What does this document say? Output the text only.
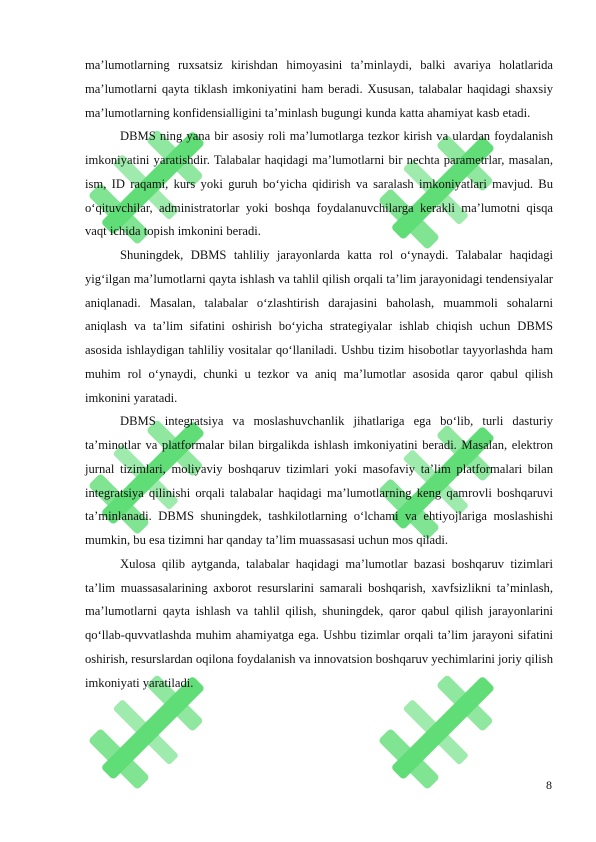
ma’lumotlarning ruxsatsiz kirishdan himoyasini ta’minlaydi, balki avariya holatlarida ma’lumotlarni qayta tiklash imkoniyatini ham beradi. Xususan, talabalar haqidagi shaxsiy ma’lumotlarning konfidensialligini ta’minlash bugungi kunda katta ahamiyat kasb etadi.

DBMS ning yana bir asosiy roli ma’lumotlarga tezkor kirish va ulardan foydalanish imkoniyatini yaratishdir. Talabalar haqidagi ma’lumotlarni bir nechta parametrlar, masalan, ism, ID raqami, kurs yoki guruh bo‘yicha qidirish va saralash imkoniyatlari mavjud. Bu o‘qituvchilar, administratorlar yoki boshqa foydalanuvchilarga kerakli ma’lumotni qisqa vaqt ichida topish imkonini beradi.

Shuningdek, DBMS tahliliy jarayonlarda katta rol o‘ynaydi. Talabalar haqidagi yig‘ilgan ma’lumotlarni qayta ishlash va tahlil qilish orqali ta’lim jarayonidagi tendensiyalar aniqlanadi. Masalan, talabalar o‘zlashtirish darajasini baholash, muammoli sohalarni aniqlash va ta’lim sifatini oshirish bo‘yicha strategiyalar ishlab chiqish uchun DBMS asosida ishlaydigan tahliliy vositalar qo‘llaniladi. Ushbu tizim hisobotlar tayyorlashda ham muhim rol o‘ynaydi, chunki u tezkor va aniq ma’lumotlar asosida qaror qabul qilish imkonini yaratadi.

DBMS integratsiya va moslashuvchanlik jihatlariga ega bo‘lib, turli dasturiy ta’minotlar va platformalar bilan birgalikda ishlash imkoniyatini beradi. Masalan, elektron jurnal tizimlari, moliyaviy boshqaruv tizimlari yoki masofaviy ta’lim platformalari bilan integratsiya qilinishi orqali talabalar haqidagi ma’lumotlarning keng qamrovli boshqaruvi ta’minlanadi. DBMS shuningdek, tashkilotlarning o‘lchami va ehtiyojlariga moslashishi mumkin, bu esa tizimni har qanday ta’lim muassasasi uchun mos qiladi.

Xulosa qilib aytganda, talabalar haqidagi ma’lumotlar bazasi boshqaruv tizimlari ta’lim muassasalarining axborot resurslarini samarali boshqarish, xavfsizlikni ta’minlash, ma’lumotlarni qayta ishlash va tahlil qilish, shuningdek, qaror qabul qilish jarayonlarini qo‘llab-quvvatlashda muhim ahamiyatga ega. Ushbu tizimlar orqali ta’lim jarayoni sifatini oshirish, resurslardan oqilona foydalanish va innovatsion boshqaruv yechimlarini joriy qilish imkoniyati yaratiladi.

8
